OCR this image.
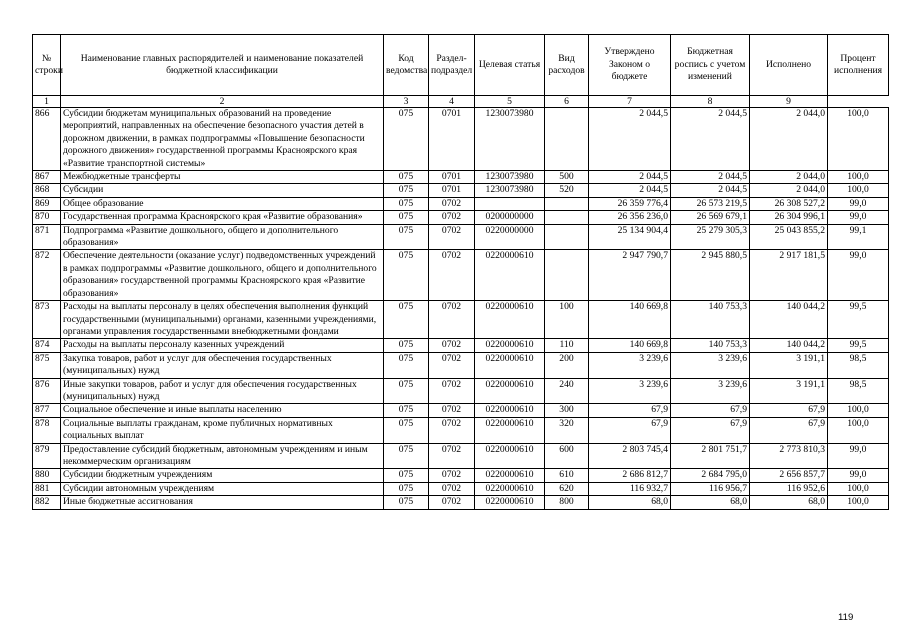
№ строки	Наименование главных распорядителей и наименование показателей бюджетной классификации	Код ведомства	Раздел-подраздел	Целевая статья	Вид расходов	Утверждено Законом о бюджете	Бюджетная роспись с учетом изменений	Исполнено	Процент исполнения
1	2	3	4	5	6	7	8	9	
866	Субсидии бюджетам муниципальных образований на проведение мероприятий, направленных на обеспечение безопасного участия детей в дорожном движении, в рамках подпрограммы «Повышение безопасности дорожного движения» государственной программы Красноярского края «Развитие транспортной системы»	075	0701	1230073980		2 044,5	2 044,5	2 044,0	100,0
867	Межбюджетные трансферты	075	0701	1230073980	500	2 044,5	2 044,5	2 044,0	100,0
868	Субсидии	075	0701	1230073980	520	2 044,5	2 044,5	2 044,0	100,0
869	Общее образование	075	0702			26 359 776,4	26 573 219,5	26 308 527,2	99,0
870	Государственная программа Красноярского края «Развитие образования»	075	0702	0200000000		26 356 236,0	26 569 679,1	26 304 996,1	99,0
871	Подпрограмма «Развитие дошкольного, общего и дополнительного образования»	075	0702	0220000000		25 134 904,4	25 279 305,3	25 043 855,2	99,1
872	Обеспечение деятельности (оказание услуг) подведомственных учреждений в рамках подпрограммы «Развитие дошкольного, общего и дополнительного образования» государственной программы Красноярского края «Развитие образования»	075	0702	0220000610		2 947 790,7	2 945 880,5	2 917 181,5	99,0
873	Расходы на выплаты персоналу в целях обеспечения выполнения функций государственными (муниципальными) органами, казенными учреждениями, органами управления государственными внебюджетными фондами	075	0702	0220000610	100	140 669,8	140 753,3	140 044,2	99,5
874	Расходы на выплаты персоналу казенных учреждений	075	0702	0220000610	110	140 669,8	140 753,3	140 044,2	99,5
875	Закупка товаров, работ и услуг для обеспечения государственных (муниципальных) нужд	075	0702	0220000610	200	3 239,6	3 239,6	3 191,1	98,5
876	Иные закупки товаров, работ и услуг для обеспечения государственных (муниципальных) нужд	075	0702	0220000610	240	3 239,6	3 239,6	3 191,1	98,5
877	Социальное обеспечение и иные выплаты населению	075	0702	0220000610	300	67,9	67,9	67,9	100,0
878	Социальные выплаты гражданам, кроме публичных нормативных социальных выплат	075	0702	0220000610	320	67,9	67,9	67,9	100,0
879	Предоставление субсидий бюджетным, автономным учреждениям и иным некоммерческим организациям	075	0702	0220000610	600	2 803 745,4	2 801 751,7	2 773 810,3	99,0
880	Субсидии бюджетным учреждениям	075	0702	0220000610	610	2 686 812,7	2 684 795,0	2 656 857,7	99,0
881	Субсидии автономным учреждениям	075	0702	0220000610	620	116 932,7	116 956,7	116 952,6	100,0
882	Иные бюджетные ассигнования	075	0702	0220000610	800	68,0	68,0	68,0	100,0
119
